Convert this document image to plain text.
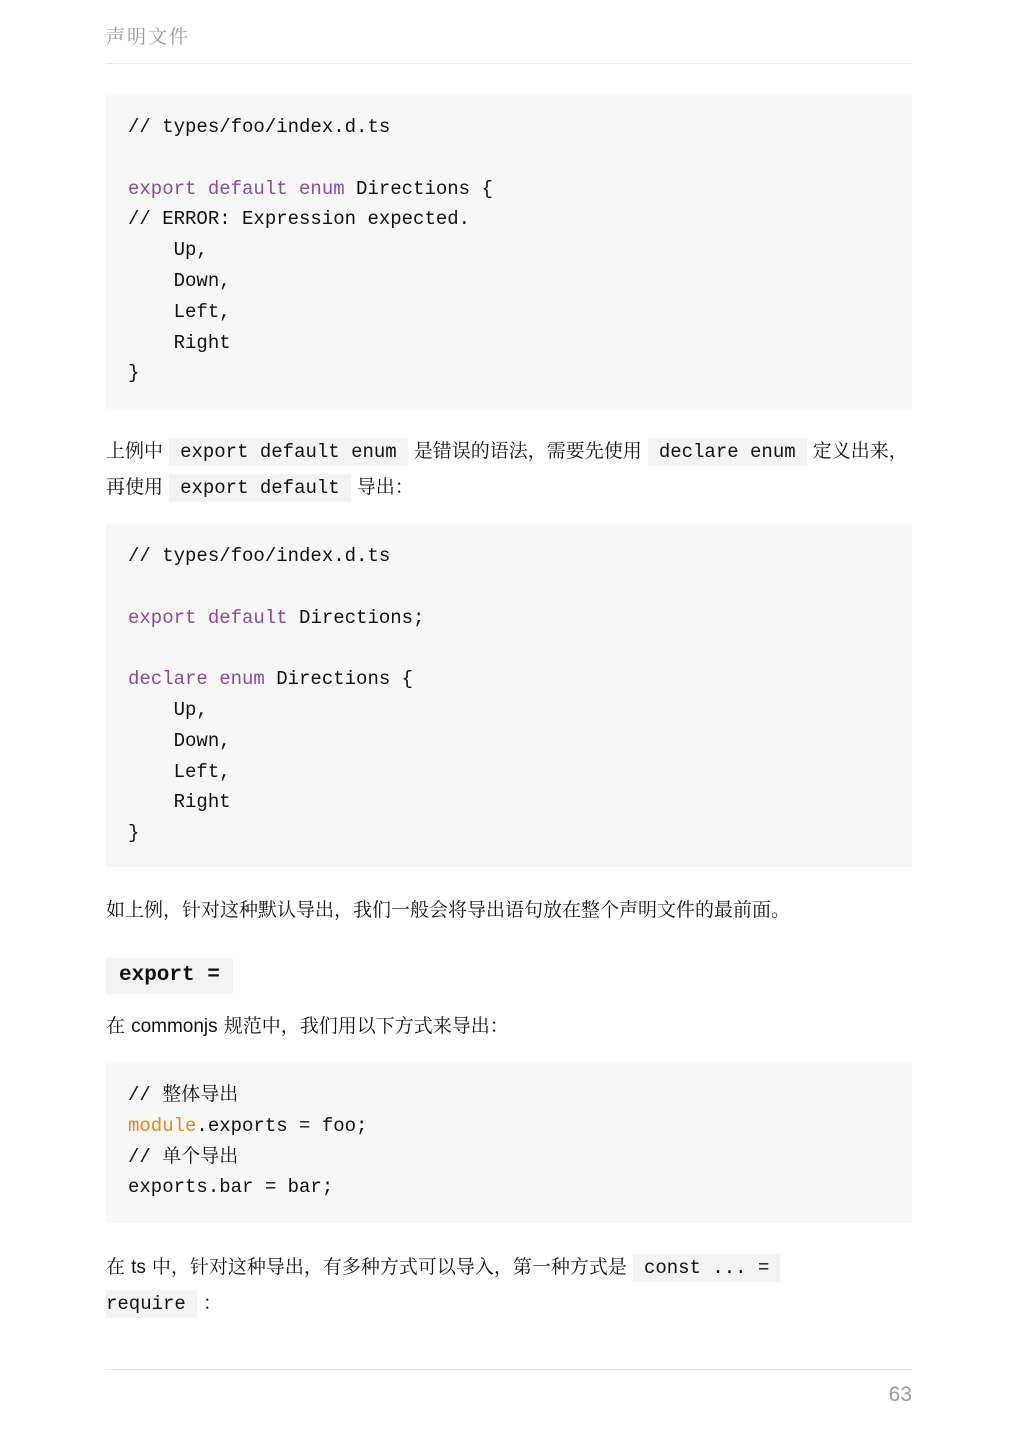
声明文件
// types/foo/index.d.ts
export default enum Directions {
// ERROR: Expression expected.
Up,
Down,
Left,
Right
}
上例中 export default enum 是错误的语法，需要先使用 declare enum 定义出来，再使用 export default 导出：
// types/foo/index.d.ts
export default Directions;
declare enum Directions {
Up,
Down,
Left,
Right
}
如上例，针对这种默认导出，我们一般会将导出语句放在整个声明文件的最前面。
export =
在 commonjs 规范中，我们用以下方式来导出：
// 整体导出
module.exports = foo;
// 单个导出
exports.bar = bar;
在 ts 中，针对这种导出，有多种方式可以导入，第一种方式是 const ... =
require ：
63
